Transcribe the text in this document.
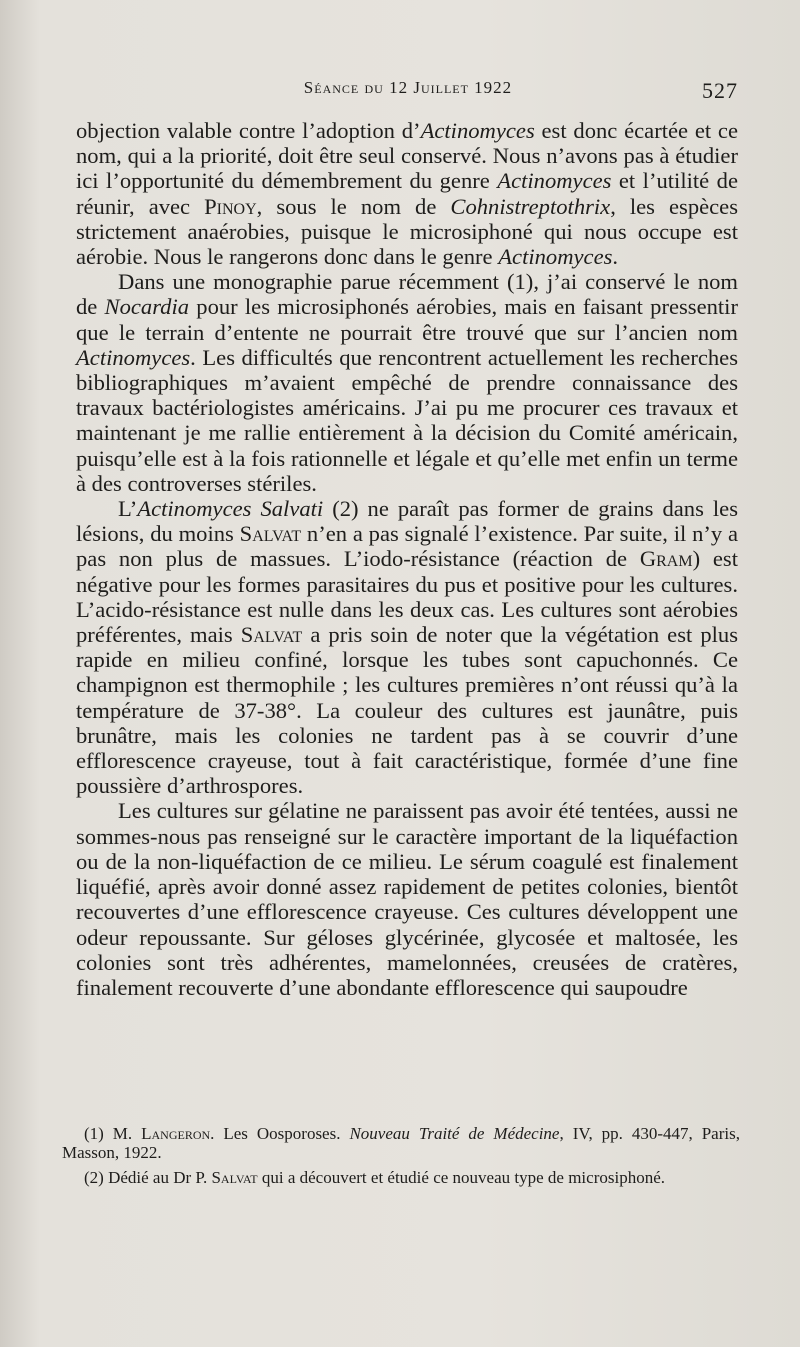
Séance du 12 Juillet 1922	527

objection valable contre l’adoption d’Actinomyces est donc écartée et ce nom, qui a la priorité, doit être seul conservé. Nous n’avons pas à étudier ici l’opportunité du démembrement du genre Actinomyces et l’utilité de réunir, avec Pinoy, sous le nom de Cohnistreptothrix, les espèces strictement anaérobies, puisque le microsiphoné qui nous occupe est aérobie. Nous le rangerons donc dans le genre Actinomyces.

Dans une monographie parue récemment (1), j’ai conservé le nom de Nocardia pour les microsiphonés aérobies, mais en faisant pressentir que le terrain d’entente ne pourrait être trouvé que sur l’ancien nom Actinomyces. Les difficultés que rencontrent actuellement les recherches bibliographiques m’avaient empêché de prendre connaissance des travaux bactériologistes américains. J’ai pu me procurer ces travaux et maintenant je me rallie entièrement à la décision du Comité américain, puisqu’elle est à la fois rationnelle et légale et qu’elle met enfin un terme à des controverses stériles.

L’Actinomyces Salvati (2) ne paraît pas former de grains dans les lésions, du moins Salvat n’en a pas signalé l’existence. Par suite, il n’y a pas non plus de massues. L’iodo-résistance (réaction de Gram) est négative pour les formes parasitaires du pus et positive pour les cultures. L’acido-résistance est nulle dans les deux cas. Les cultures sont aérobies préférentes, mais Salvat a pris soin de noter que la végétation est plus rapide en milieu confiné, lorsque les tubes sont capuchonnés. Ce champignon est thermophile ; les cultures premières n’ont réussi qu’à la température de 37-38°. La couleur des cultures est jaunâtre, puis brunâtre, mais les colonies ne tardent pas à se couvrir d’une efflorescence crayeuse, tout à fait caractéristique, formée d’une fine poussière d’arthrospores.

Les cultures sur gélatine ne paraissent pas avoir été tentées, aussi ne sommes-nous pas renseigné sur le caractère important de la liquéfaction ou de la non-liquéfaction de ce milieu. Le sérum coagulé est finalement liquéfié, après avoir donné assez rapidement de petites colonies, bientôt recouvertes d’une efflorescence crayeuse. Ces cultures développent une odeur repoussante. Sur géloses glycérinée, glycosée et maltosée, les colonies sont très adhérentes, mamelonnées, creusées de cratères, finalement recouverte d’une abondante efflorescence qui saupoudre

(1) M. Langeron. Les Oosporoses. Nouveau Traité de Médecine, IV, pp. 430-447, Paris, Masson, 1922.

(2) Dédié au Dr P. Salvat qui a découvert et étudié ce nouveau type de microsiphoné.
